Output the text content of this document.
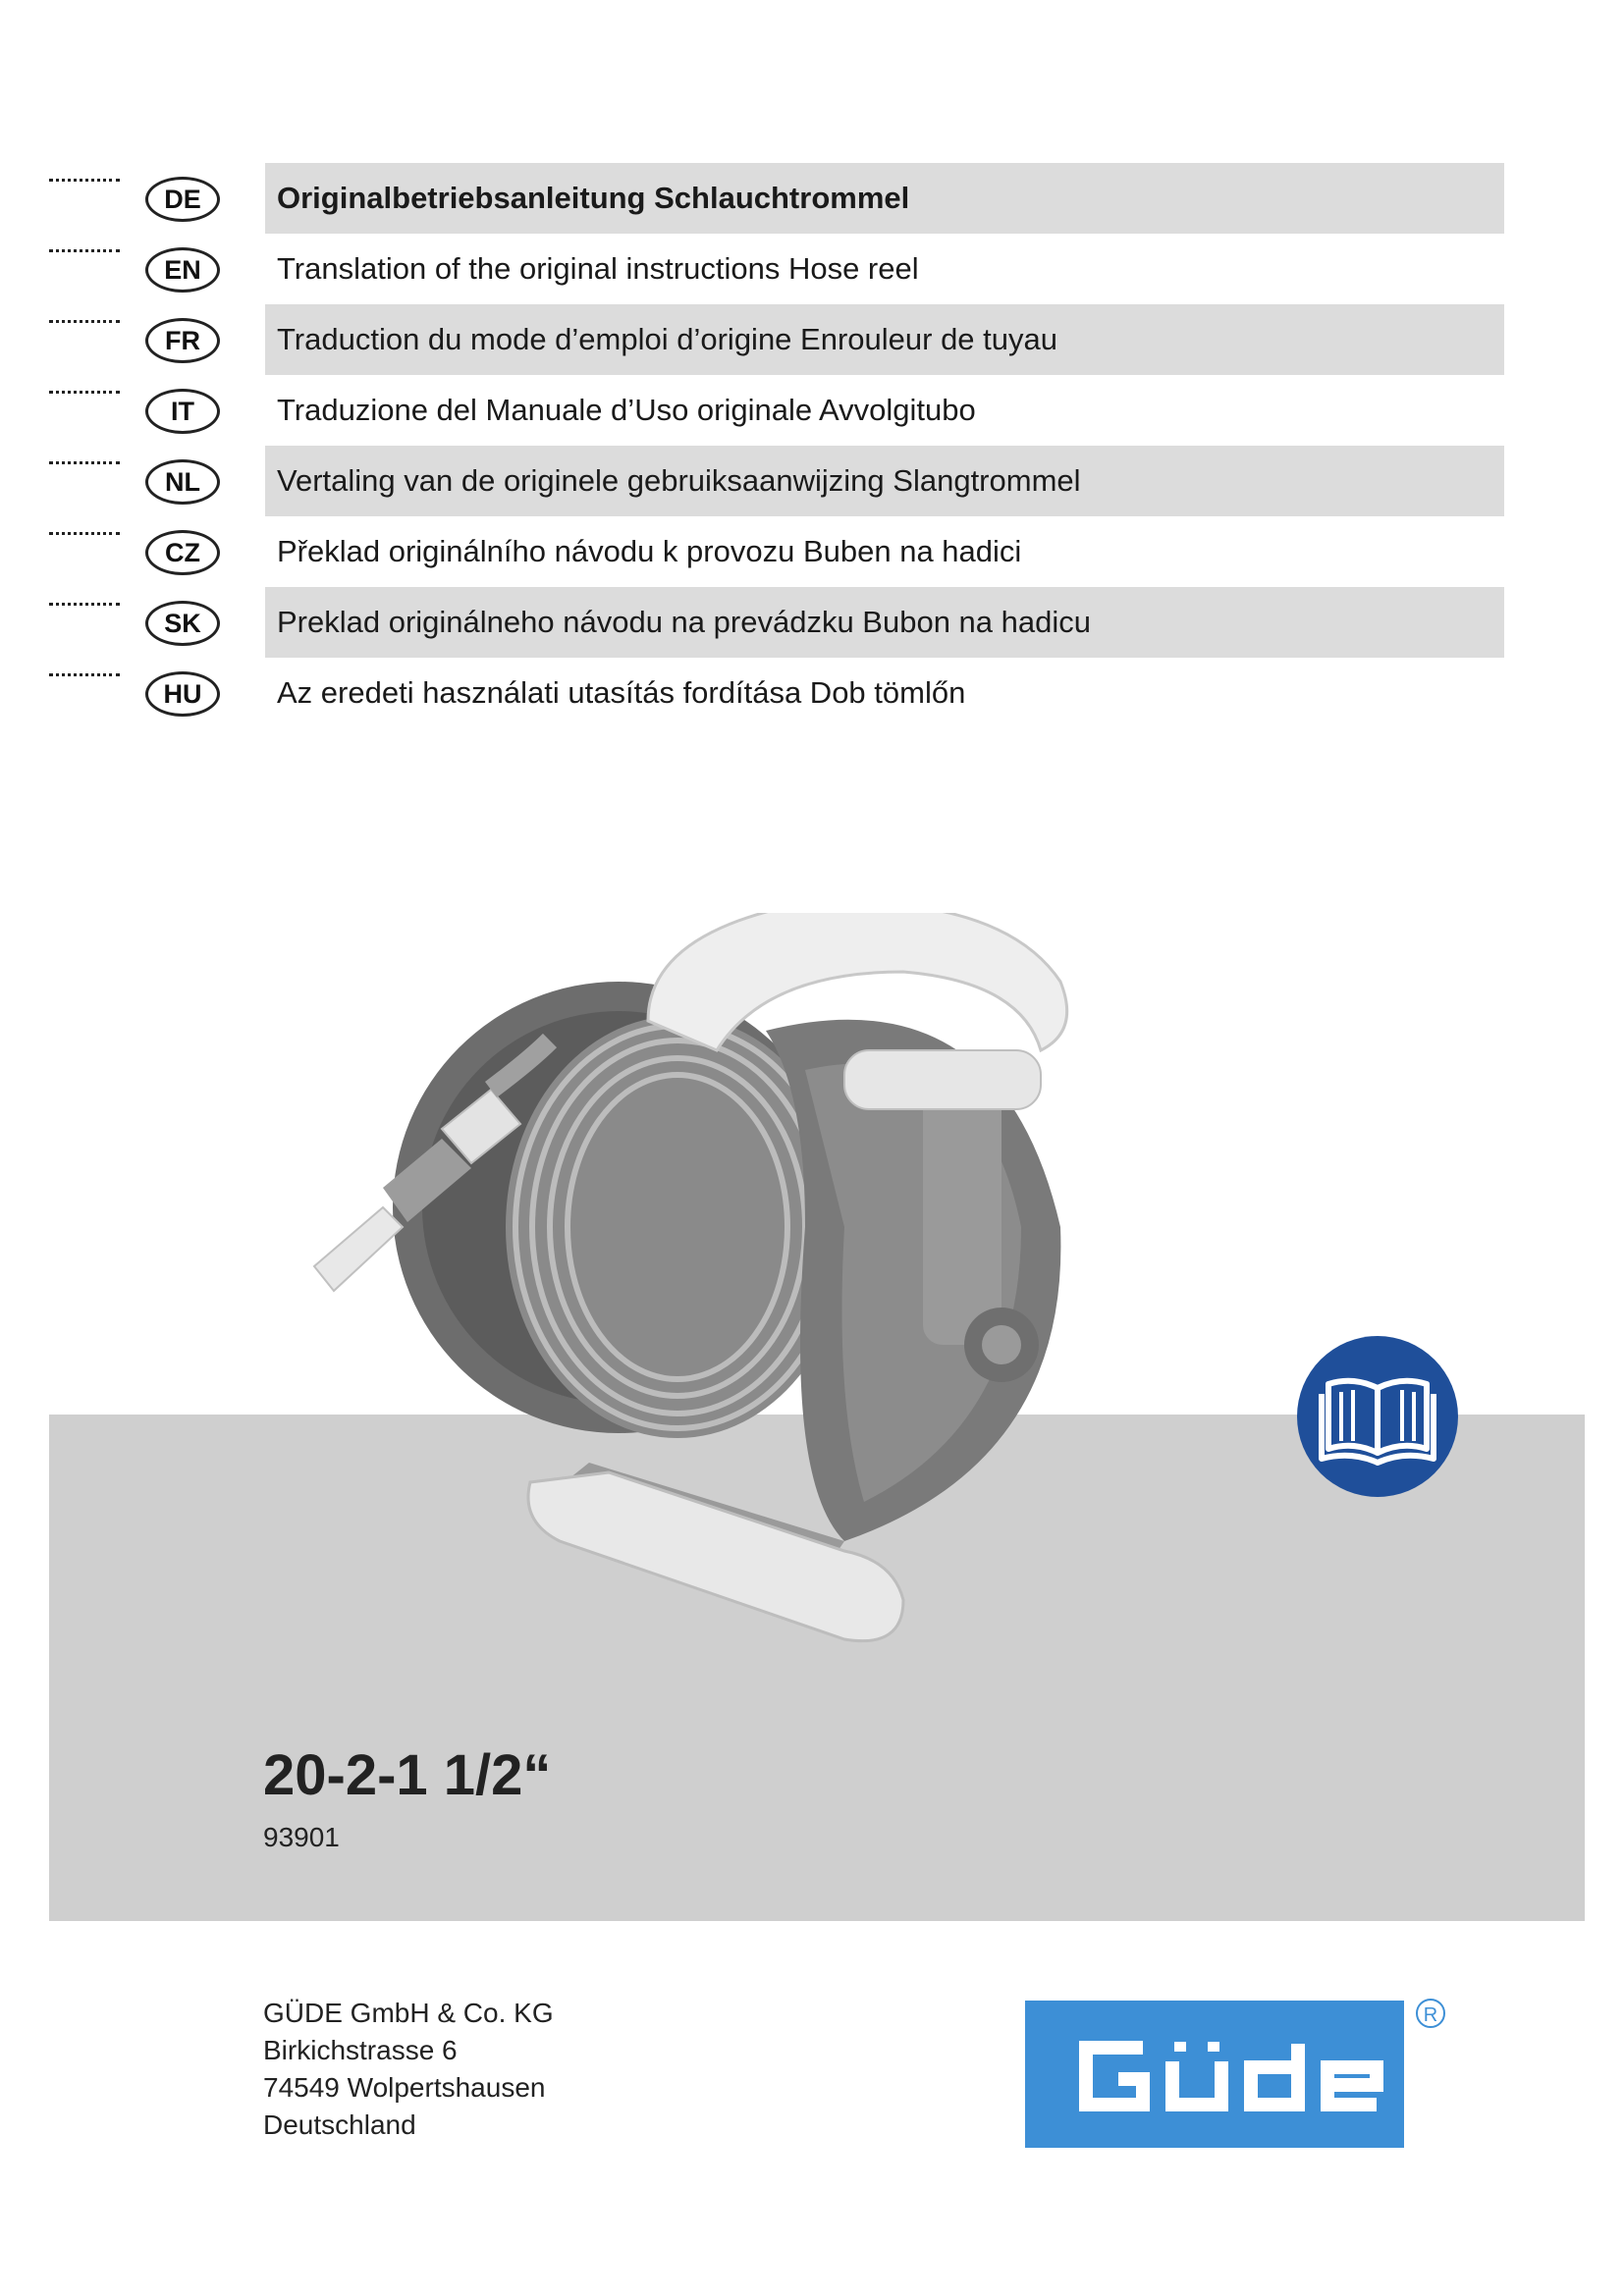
DE	Originalbetriebsanleitung Schlauchtrommel
EN	Translation of the original instructions Hose reel
FR	Traduction du mode d’emploi d’origine Enrouleur de tuyau
IT	Traduzione del Manuale d’Uso originale Avvolgitubo
NL	Vertaling van de originele gebruiksaanwijzing Slangtrommel
CZ	Překlad originálního návodu k provozu Buben na hadici
SK	Preklad originálneho návodu na prevádzku Bubon na hadicu
HU	Az eredeti használati utasítás fordítása Dob tömlőn
20-2-1 1/2“
93901
GÜDE GmbH & Co. KG
Birkichstrasse 6
74549 Wolpertshausen
Deutschland
R
